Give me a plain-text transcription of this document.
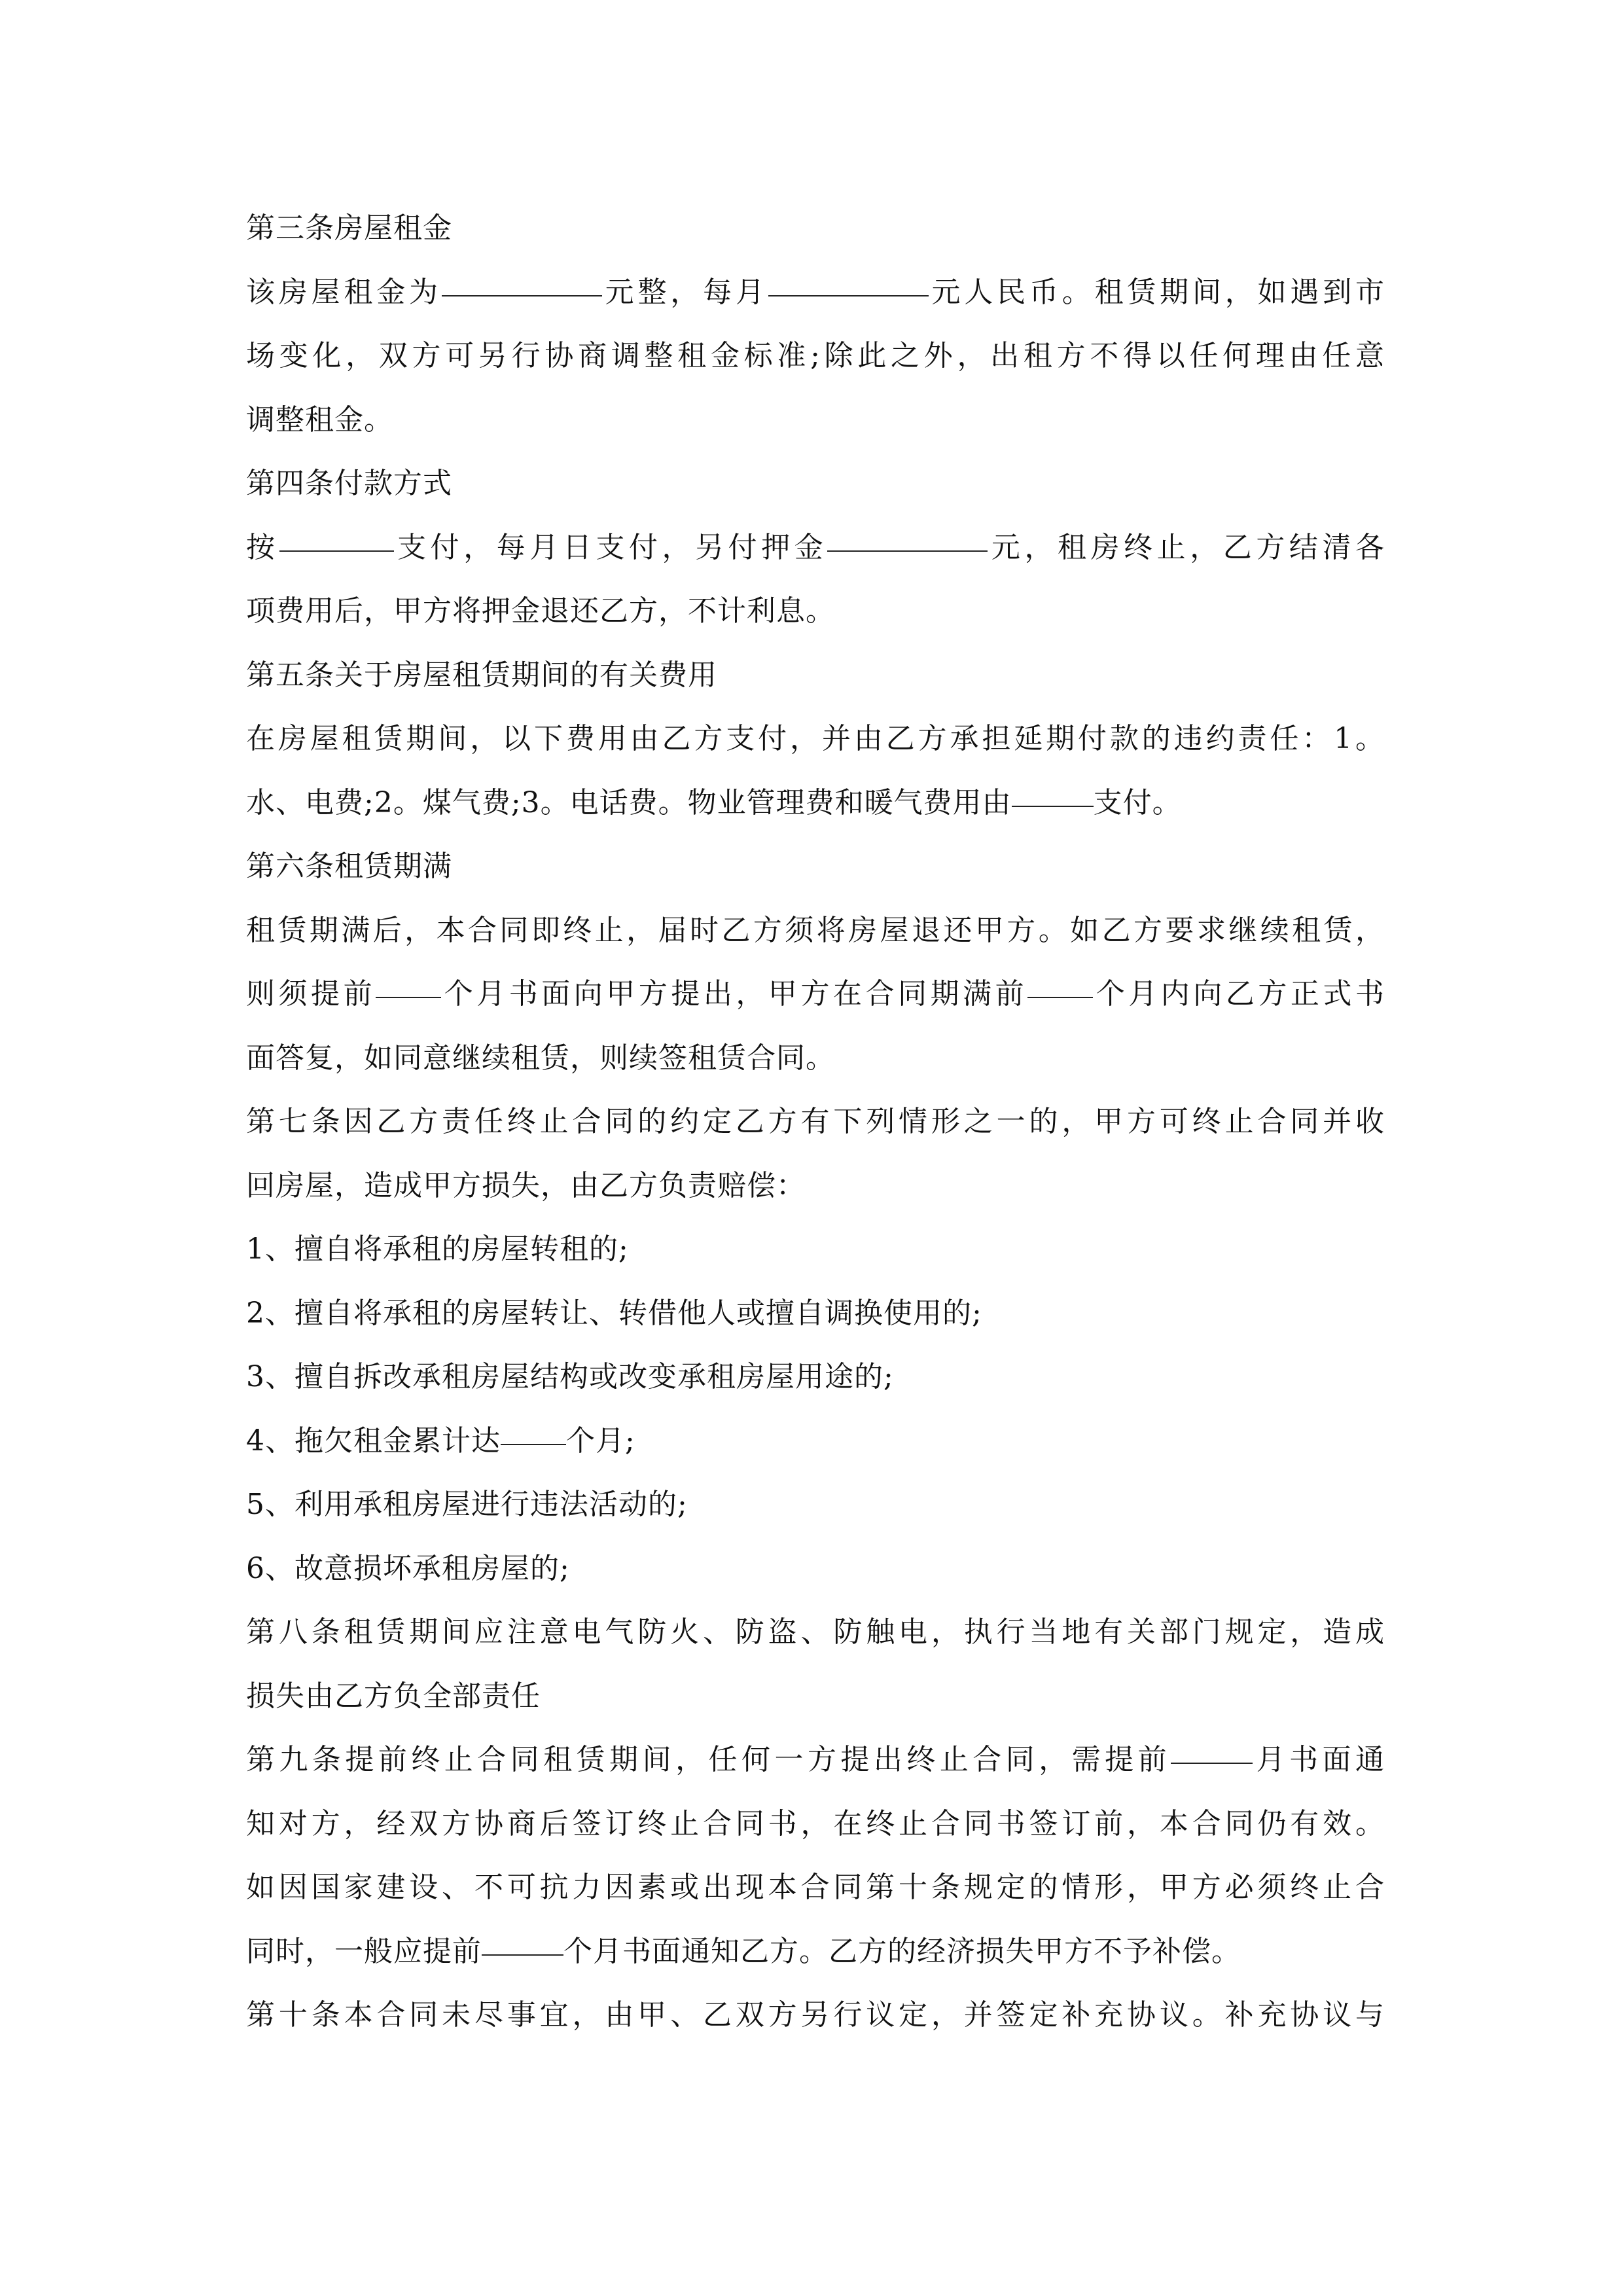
第三条房屋租金
该房屋租金为	元整，每月	元人民币。租赁期间，如遇到市
场变化，双方可另行协商调整租金标准;除此之外，出租方不得以任何理由任意
调整租金。
第四条付款方式
按	支付，每月日支付，另付押金	元，租房终止，乙方结清各
项费用后，甲方将押金退还乙方，不计利息。
第五条关于房屋租赁期间的有关费用
在房屋租赁期间，以下费用由乙方支付，并由乙方承担延期付款的违约责任：1。
水、电费;2。煤气费;3。电话费。物业管理费和暖气费用由	支付。
第六条租赁期满
租赁期满后，本合同即终止，届时乙方须将房屋退还甲方。如乙方要求继续租赁，
则须提前 个月书面向甲方提出，甲方在合同期满前 个月内向乙方正式书
面答复，如同意继续租赁，则续签租赁合同。
第七条因乙方责任终止合同的约定乙方有下列情形之一的，甲方可终止合同并收
回房屋，造成甲方损失，由乙方负责赔偿：
1、擅自将承租的房屋转租的;
2、擅自将承租的房屋转让、转借他人或擅自调换使用的;
3、擅自拆改承租房屋结构或改变承租房屋用途的;
4、拖欠租金累计达 个月;
5、利用承租房屋进行违法活动的;
6、故意损坏承租房屋的;
第八条租赁期间应注意电气防火、防盗、防触电，执行当地有关部门规定，造成
损失由乙方负全部责任
第九条提前终止合同租赁期间，任何一方提出终止合同，需提前	月书面通
知对方，经双方协商后签订终止合同书，在终止合同书签订前，本合同仍有效。
如因国家建设、不可抗力因素或出现本合同第十条规定的情形，甲方必须终止合
同时，一般应提前	个月书面通知乙方。乙方的经济损失甲方不予补偿。
第十条本合同未尽事宜，由甲、乙双方另行议定，并签定补充协议。补充协议与
